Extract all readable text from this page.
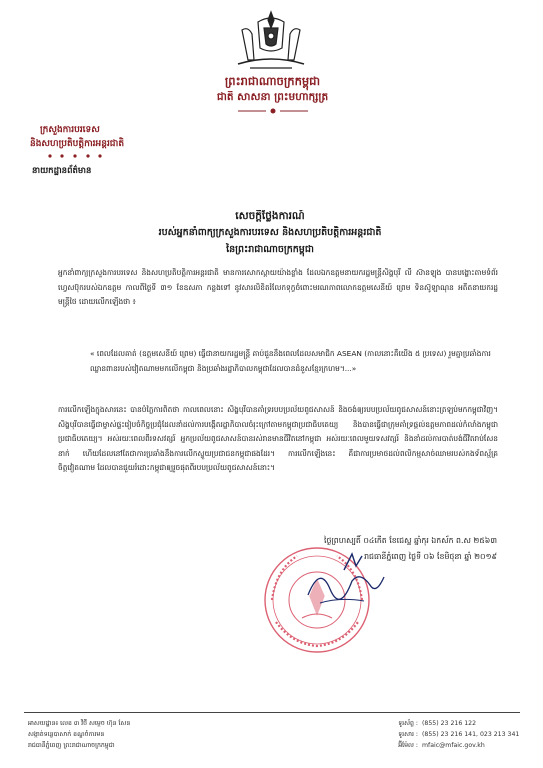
ព្រះរាជាណាចក្រកម្ពុជា
ជាតិ សាសនា ព្រះមហាក្សត្រ
ក្រសួងការបរទេស
និងសហប្រតិបត្តិការអន្តរជាតិ
នាយកដ្ឋានព័ត៌មាន
សេចក្តីថ្លែងការណ៍
របស់អ្នកនាំពាក្យក្រសួងការបរទេស និងសហប្រតិបត្តិការអន្តរជាតិ
នៃព្រះរាជាណាចក្រកម្ពុជា

អ្នកនាំពាក្យក្រសួងការបរទេស និងសហប្រតិបត្តិការអន្តរជាតិ មានការសោកស្តាយយ៉ាងខ្លាំង ដែលឯកឧត្តមនាយករដ្ឋមន្ត្រីសិង្ហបុរី លី ស៊ានឡុង បានបង្ហោះតាមទំព័រហ្វេសប៊ុករបស់ឯកឧត្តម កាលពីថ្ងៃទី ៣១ ខែឧសភា កន្លងទៅ នូវសារលិខិតរំលែកទុក្ខចំពោះមរណភាពលោកឧត្តមសេនីយ៍ ព្រេម ទិនស៊ូឡាណុន អតីតនាយករដ្ឋមន្ត្រីថៃ ដោយលើកឡើងថា ៖

« ពេលដែលគាត់ (ឧត្តមសេនីយ៍ ព្រេម) ធ្វើជានាយករដ្ឋមន្ត្រី គាប់ជួននឹងពេលដែលសមាជិក ASEAN (កាលនោះគឺយើង ៥ ប្រទេស) រួមគ្នាប្រឆាំងការឈ្លានពានរបស់វៀតណាមមកលើកម្ពុជា និងប្រឆាំងរដ្ឋាភិបាលកម្ពុជាដែលបានដំនួសខ្មែរក្រហម។...»

ការលើកឡើងក្នុងសារនេះ បានបំភ្លៃការពិតថា កាលពេលនោះ សិង្ហបុរីបានគាំទ្ររបបប្រល័យពូជសាសន៍ និងចង់ឲ្យរបបប្រល័យពូជសាសន៍នោះត្រឡប់មកកម្ពុជាវិញ។ សិង្ហបុរីបានធ្វើជាម្ចាស់ផ្ទះរៀបចំកិច្ចប្រជុំដែលនាំដល់ការបង្កើតរដ្ឋាភិបាលចំរុះក្រៅតាមកម្ពុជាប្រជាធិបតេយ្យ និងបានធ្វើជាក្រុមគាំទ្រផ្តល់ឧត្តមភាពដល់កំលាំងកម្ពុជាប្រជាធិបតេយ្យ។ អស់រយៈពេលពីរទសវត្សរ៍ អ្នកប្រល័យពូជសាសន៍បានរស់រានមានជីវិតនៅកម្ពុជា អស់រយៈពេលមួយទសវត្សរ៍ និងនាំដល់ការបាត់បង់ជីវិតរាប់សែននាក់ ហើយដែលនៅតែជាការប្រឆាំងនឹងការលើកស្ទួយប្រជាជនកម្ពុជាផងដែរ។ ការលើកឡើងនេះ គឺជាការប្រមាថដល់ពលិកម្មសាច់ឈាមរបស់កងទ័ពស្ម័គ្រចិត្តវៀតណាម ដែលបានជួយរំដោះកម្ពុជាឲ្យរួចផុតពីរបបប្រល័យពូជសាសន៍នោះ។

ថ្ងៃព្រហស្បតិ៍ ០៤កើត ខែជេស្ឋ ឆ្នាំកុរ ឯកស័ក ព.ស ២៥៦៣
រាជធានីភ្នំពេញ ថ្ងៃទី ០៦ ខែមិថុនា ឆ្នាំ ២០១៩
អាសយដ្ឋាន៖ លេខ ៣ វិថី សម្តេច ហ៊ុន សែន
សង្កាត់ទន្លេបាសាក់ ខណ្ឌចំការមន
រាជធានីភ្នំពេញ ព្រះរាជាណាចក្រកម្ពុជា
ទូរស័ព្ទ : (855) 23 216 122
ទូរសារ : (855) 23 216 141, 023 213 341
អ៊ីម៉ែល : mfaic@mfaic.gov.kh
